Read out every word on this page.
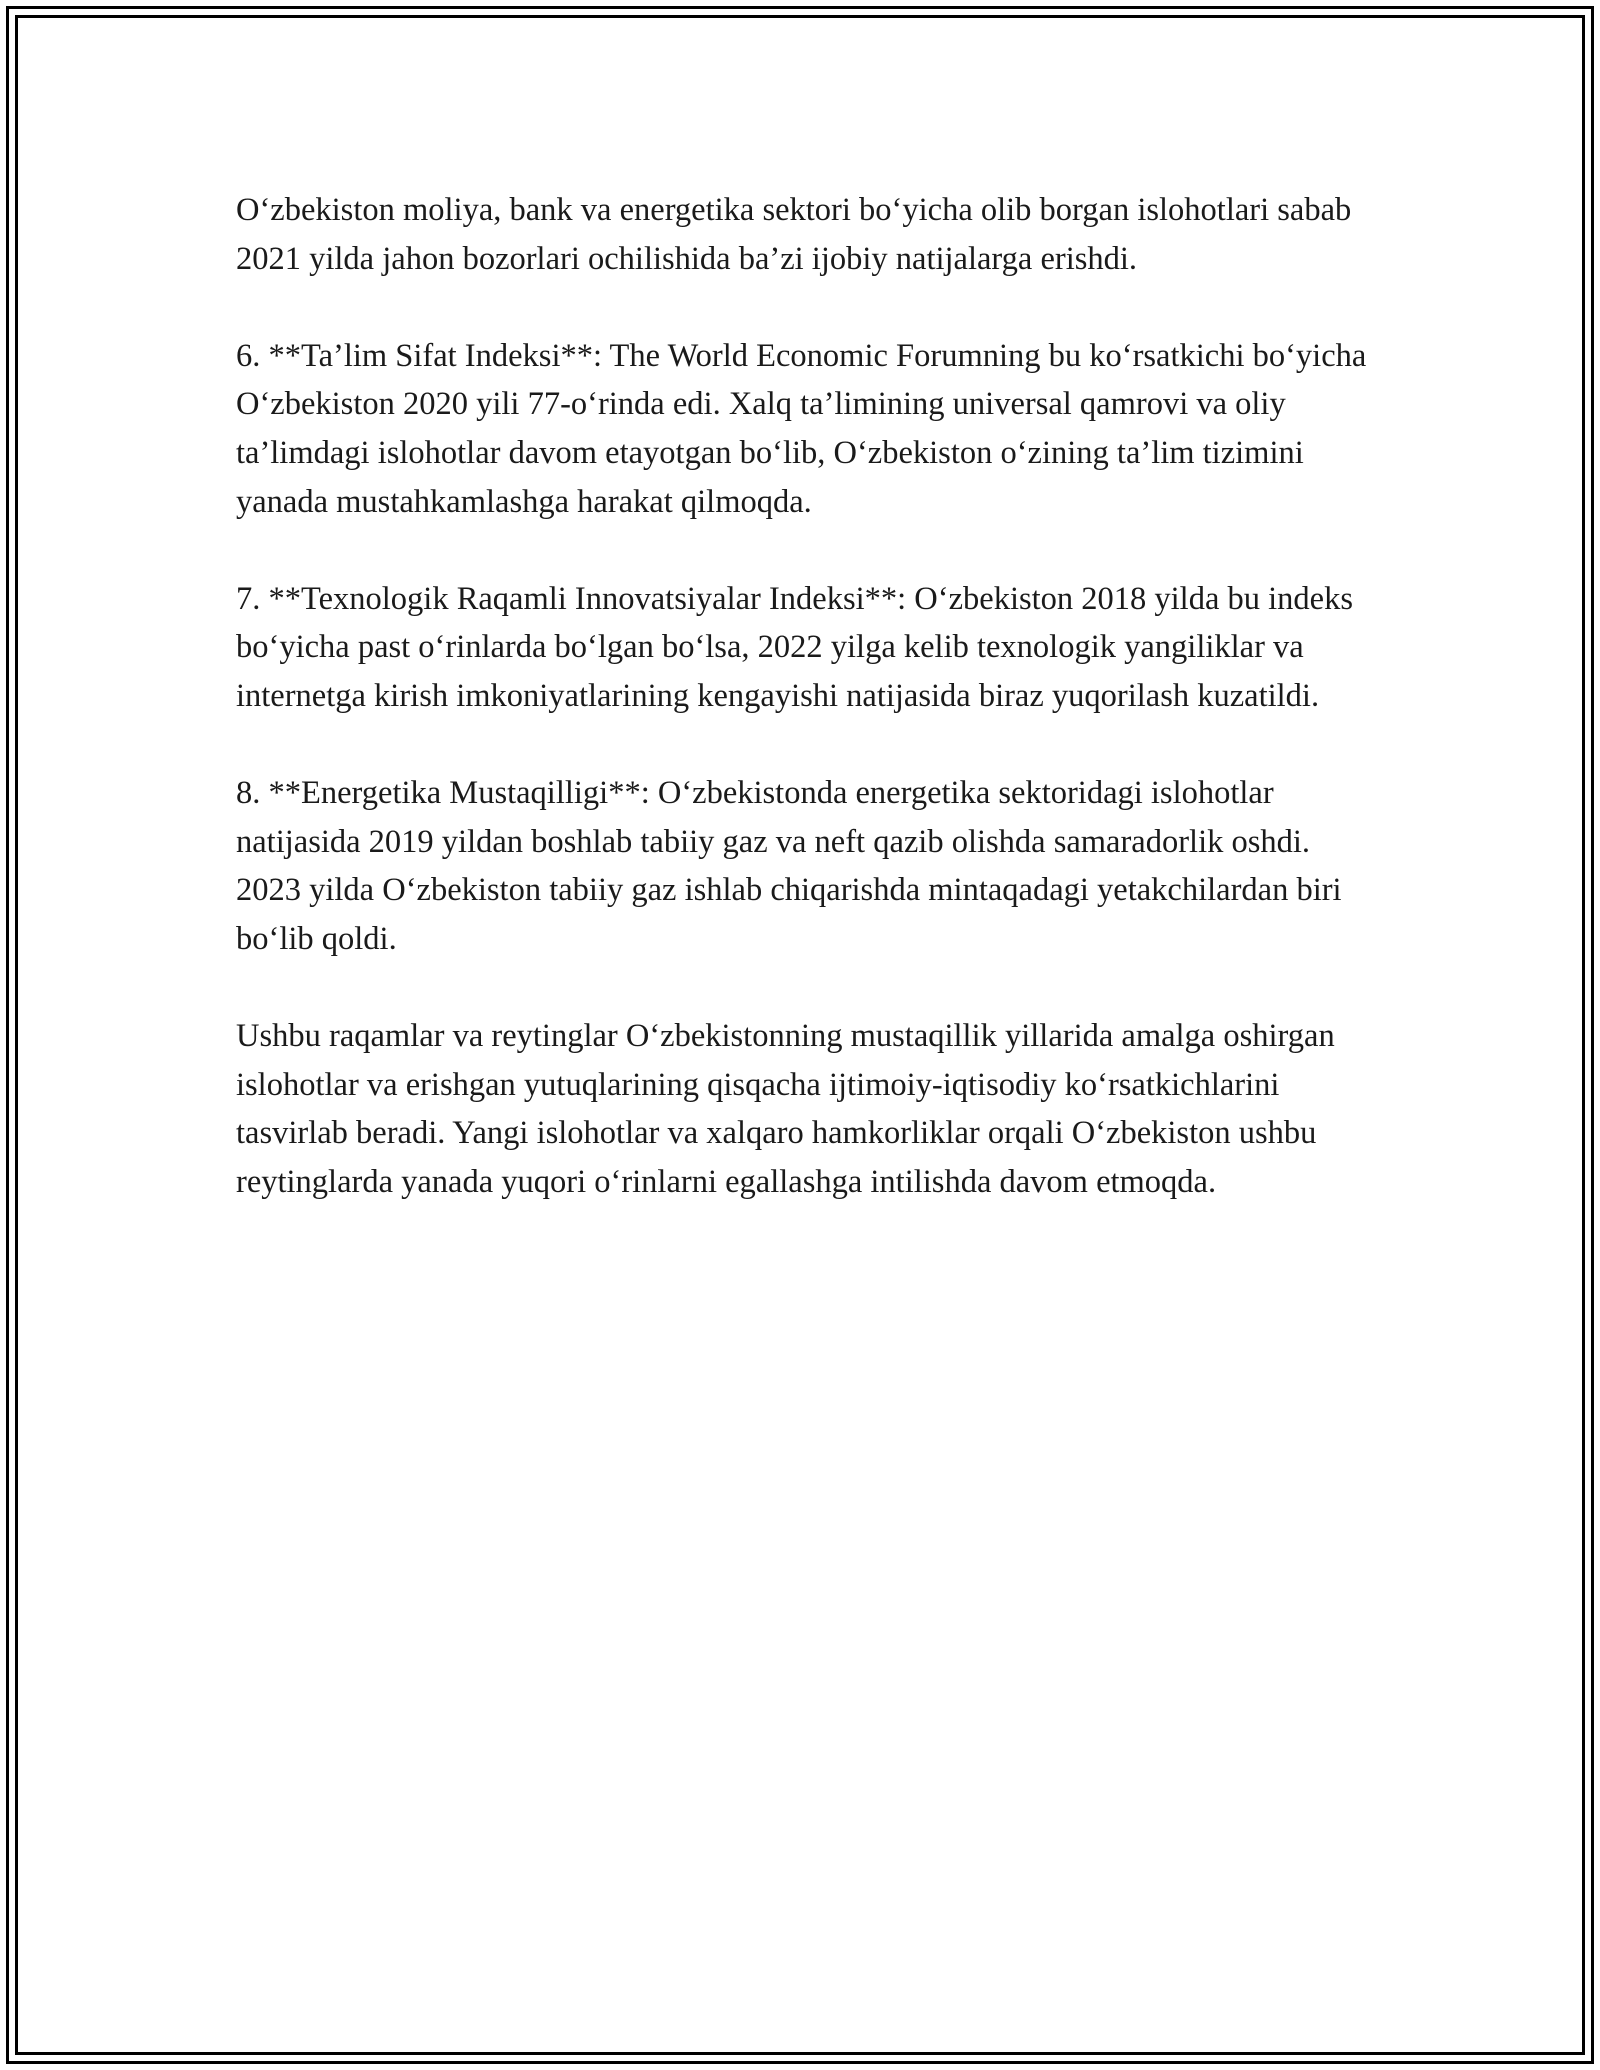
O‘zbekiston moliya, bank va energetika sektori bo‘yicha olib borgan islohotlari sabab 2021 yilda jahon bozorlari ochilishida ba’zi ijobiy natijalarga erishdi.

6. **Ta’lim Sifat Indeksi**: The World Economic Forumning bu ko‘rsatkichi bo‘yicha O‘zbekiston 2020 yili 77-o‘rinda edi. Xalq ta’limining universal qamrovi va oliy ta’limdagi islohotlar davom etayotgan bo‘lib, O‘zbekiston o‘zining ta’lim tizimini yanada mustahkamlashga harakat qilmoqda.

7. **Texnologik Raqamli Innovatsiyalar Indeksi**: O‘zbekiston 2018 yilda bu indeks bo‘yicha past o‘rinlarda bo‘lgan bo‘lsa, 2022 yilga kelib texnologik yangiliklar va internetga kirish imkoniyatlarining kengayishi natijasida biraz yuqorilash kuzatildi.

8. **Energetika Mustaqilligi**: O‘zbekistonda energetika sektoridagi islohotlar natijasida 2019 yildan boshlab tabiiy gaz va neft qazib olishda samaradorlik oshdi. 2023 yilda O‘zbekiston tabiiy gaz ishlab chiqarishda mintaqadagi yetakchilardan biri bo‘lib qoldi.

Ushbu raqamlar va reytinglar O‘zbekistonning mustaqillik yillarida amalga oshirgan islohotlar va erishgan yutuqlarining qisqacha ijtimoiy-iqtisodiy ko‘rsatkichlarini tasvirlab beradi. Yangi islohotlar va xalqaro hamkorliklar orqali O‘zbekiston ushbu reytinglarda yanada yuqori o‘rinlarni egallashga intilishda davom etmoqda.
